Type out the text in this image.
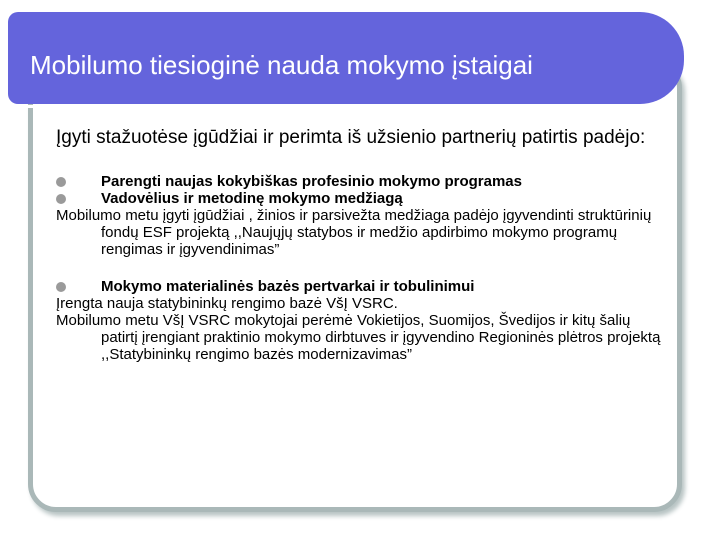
Mobilumo tiesioginė nauda mokymo įstaigai

Įgyti stažuotėse įgūdžiai ir perimta iš užsienio partnerių patirtis padėjo:

Parengti naujas kokybiškas profesinio mokymo programas
Vadovėlius ir metodinę mokymo medžiagą

Mobilumo metu įgyti įgūdžiai , žinios ir parsivežta medžiaga padėjo įgyvendinti struktūrinių fondų ESF projektą ,,Naujųjų statybos ir medžio apdirbimo mokymo programų rengimas ir įgyvendinimas”

Mokymo materialinės bazės pertvarkai ir tobulinimui

Įrengta nauja statybininkų rengimo bazė VšĮ VSRC.

Mobilumo metu VšĮ VSRC mokytojai perėmė Vokietijos, Suomijos, Švedijos ir kitų šalių patirtį įrengiant praktinio mokymo dirbtuves ir įgyvendino Regioninės plėtros projektą ,,Statybininkų rengimo bazės modernizavimas”
